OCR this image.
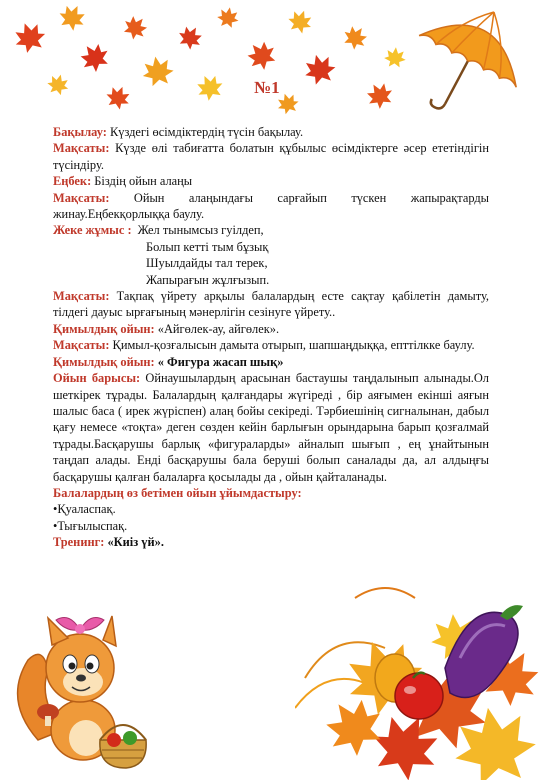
№1

Бақылау: Күздегі өсімдіктердің түсін бақылау.

Мақсаты: Күзде өлі табиғатта болатын құбылыс өсімдіктерге әсер ететіндігін түсіндіру.

Еңбек: Біздің ойын алаңы

Мақсаты: Ойын алаңындағы сарғайып түскен жапырақтарды жинау.Еңбекқорлыққа баулу.

Жеке жұмыс : Жел тынымсыз гуілдеп,

Болып кетті тым бұзық

Шуылдайды тал терек,

Жапырағын жұлғызып.

Мақсаты: Тақпақ үйрету арқылы балалардың есте сақтау қабілетін дамыту, тілдегі дауыс ырғағының мәнерлігін сезінуге үйрету..

Қимылдық ойын: «Айгөлек-ау, айгөлек».

Мақсаты: Қимыл-қозғалысын дамыта отырып, шапшаңдыққа, епттілкке баулу.

Қимылдық ойын: « Фигура жасап шық»

Ойын барысы: Ойнаушылардың арасынан бастаушы таңдалынып алынады.Ол шеткірек тұрады. Балалардың қалғандары жүгіреді , бір аяғымен екінші аяғын шалыс баса ( ирек жүріспен) алаң бойы секіреді. Тәрбиешінің сигналынан, дабыл қағу немесе «тоқта» деген сөзден кейін барлығын орындарына барып қозғалмай тұрады.Басқарушы барлық «фигураларды» айналып шығып , ең ұнайтынын таңдап алады. Енді басқарушы бала беруші болып саналады да, ал алдыңғы басқарушы қалған балаларға қосылады да , ойын қайталанады.

Балалардың өз бетімен ойын ұйымдастыру:

•Қуаласпақ.

•Тығылыспақ.

Тренинг: «Киіз үй».
